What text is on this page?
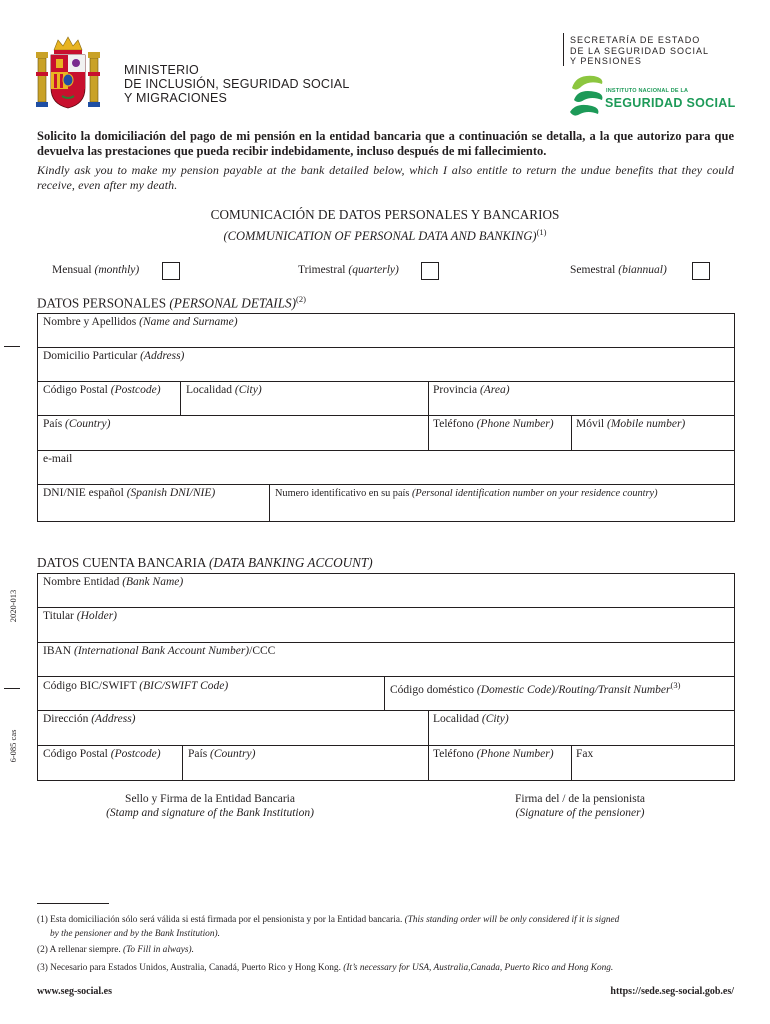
MINISTERIO
DE INCLUSIÓN, SEGURIDAD SOCIAL
Y MIGRACIONES
SECRETARÍA DE ESTADO
DE LA SEGURIDAD SOCIAL
Y PENSIONES
INSTITUTO NACIONAL DE LA
SEGURIDAD SOCIAL
Solicito la domiciliación del pago de mi pensión en la entidad bancaria que a continuación se detalla, a la que autorizo para que devuelva las prestaciones que pueda recibir indebidamente, incluso después de mi fallecimiento.
Kindly ask you to make my pension payable at the bank detailed below, which I also entitle to return the undue benefits that they could receive, even after my death.
COMUNICACIÓN DE DATOS PERSONALES Y BANCARIOS
(COMMUNICATION OF PERSONAL DATA AND BANKING)$^{(1)}$
Mensual (monthly)	Trimestral (quarterly)	Semestral (biannual)
DATOS PERSONALES (PERSONAL DETAILS)$^{(2)}$
Nombre y Apellidos (Name and Surname)
Domicilio Particular (Address)
Código Postal (Postcode) Localidad (City)	Provincia (Area)
País (Country)	Teléfono (Phone Number) Móvil (Mobile number)
e-mail
DNI/NIE español (Spanish DNI/NIE)	Numero identificativo en su país (Personal identification number on your residence country)
DATOS CUENTA BANCARIA (DATA BANKING ACCOUNT)
Nombre Entidad (Bank Name)
Titular (Holder)
IBAN (International Bank Account Number)/CCC
Código BIC/SWIFT (BIC/SWIFT Code)	Código doméstico (Domestic Code)/Routing/Transit Number$^{(3)}$
Dirección (Address)	Localidad (City)
Código Postal (Postcode) País (Country)	Teléfono (Phone Number) Fax
Sello y Firma de la Entidad Bancaria
(Stamp and signature of the Bank Institution)
Firma del / de la pensionista
(Signature of the pensioner)
2020-013
6-085 cas
(1) Esta domiciliación sólo será válida si está firmada por el pensionista y por la Entidad bancaria. (This standing order will be only considered if it is signed
by the pensioner and by the Bank Institution).
(2) A rellenar siempre. (To Fill in always).
(3) Necesario para Estados Unidos, Australia, Canadá, Puerto Rico y Hong Kong. (It’s necessary for USA, Australia,Canada, Puerto Rico and Hong Kong.
www.seg-social.es	https://sede.seg-social.gob.es/
